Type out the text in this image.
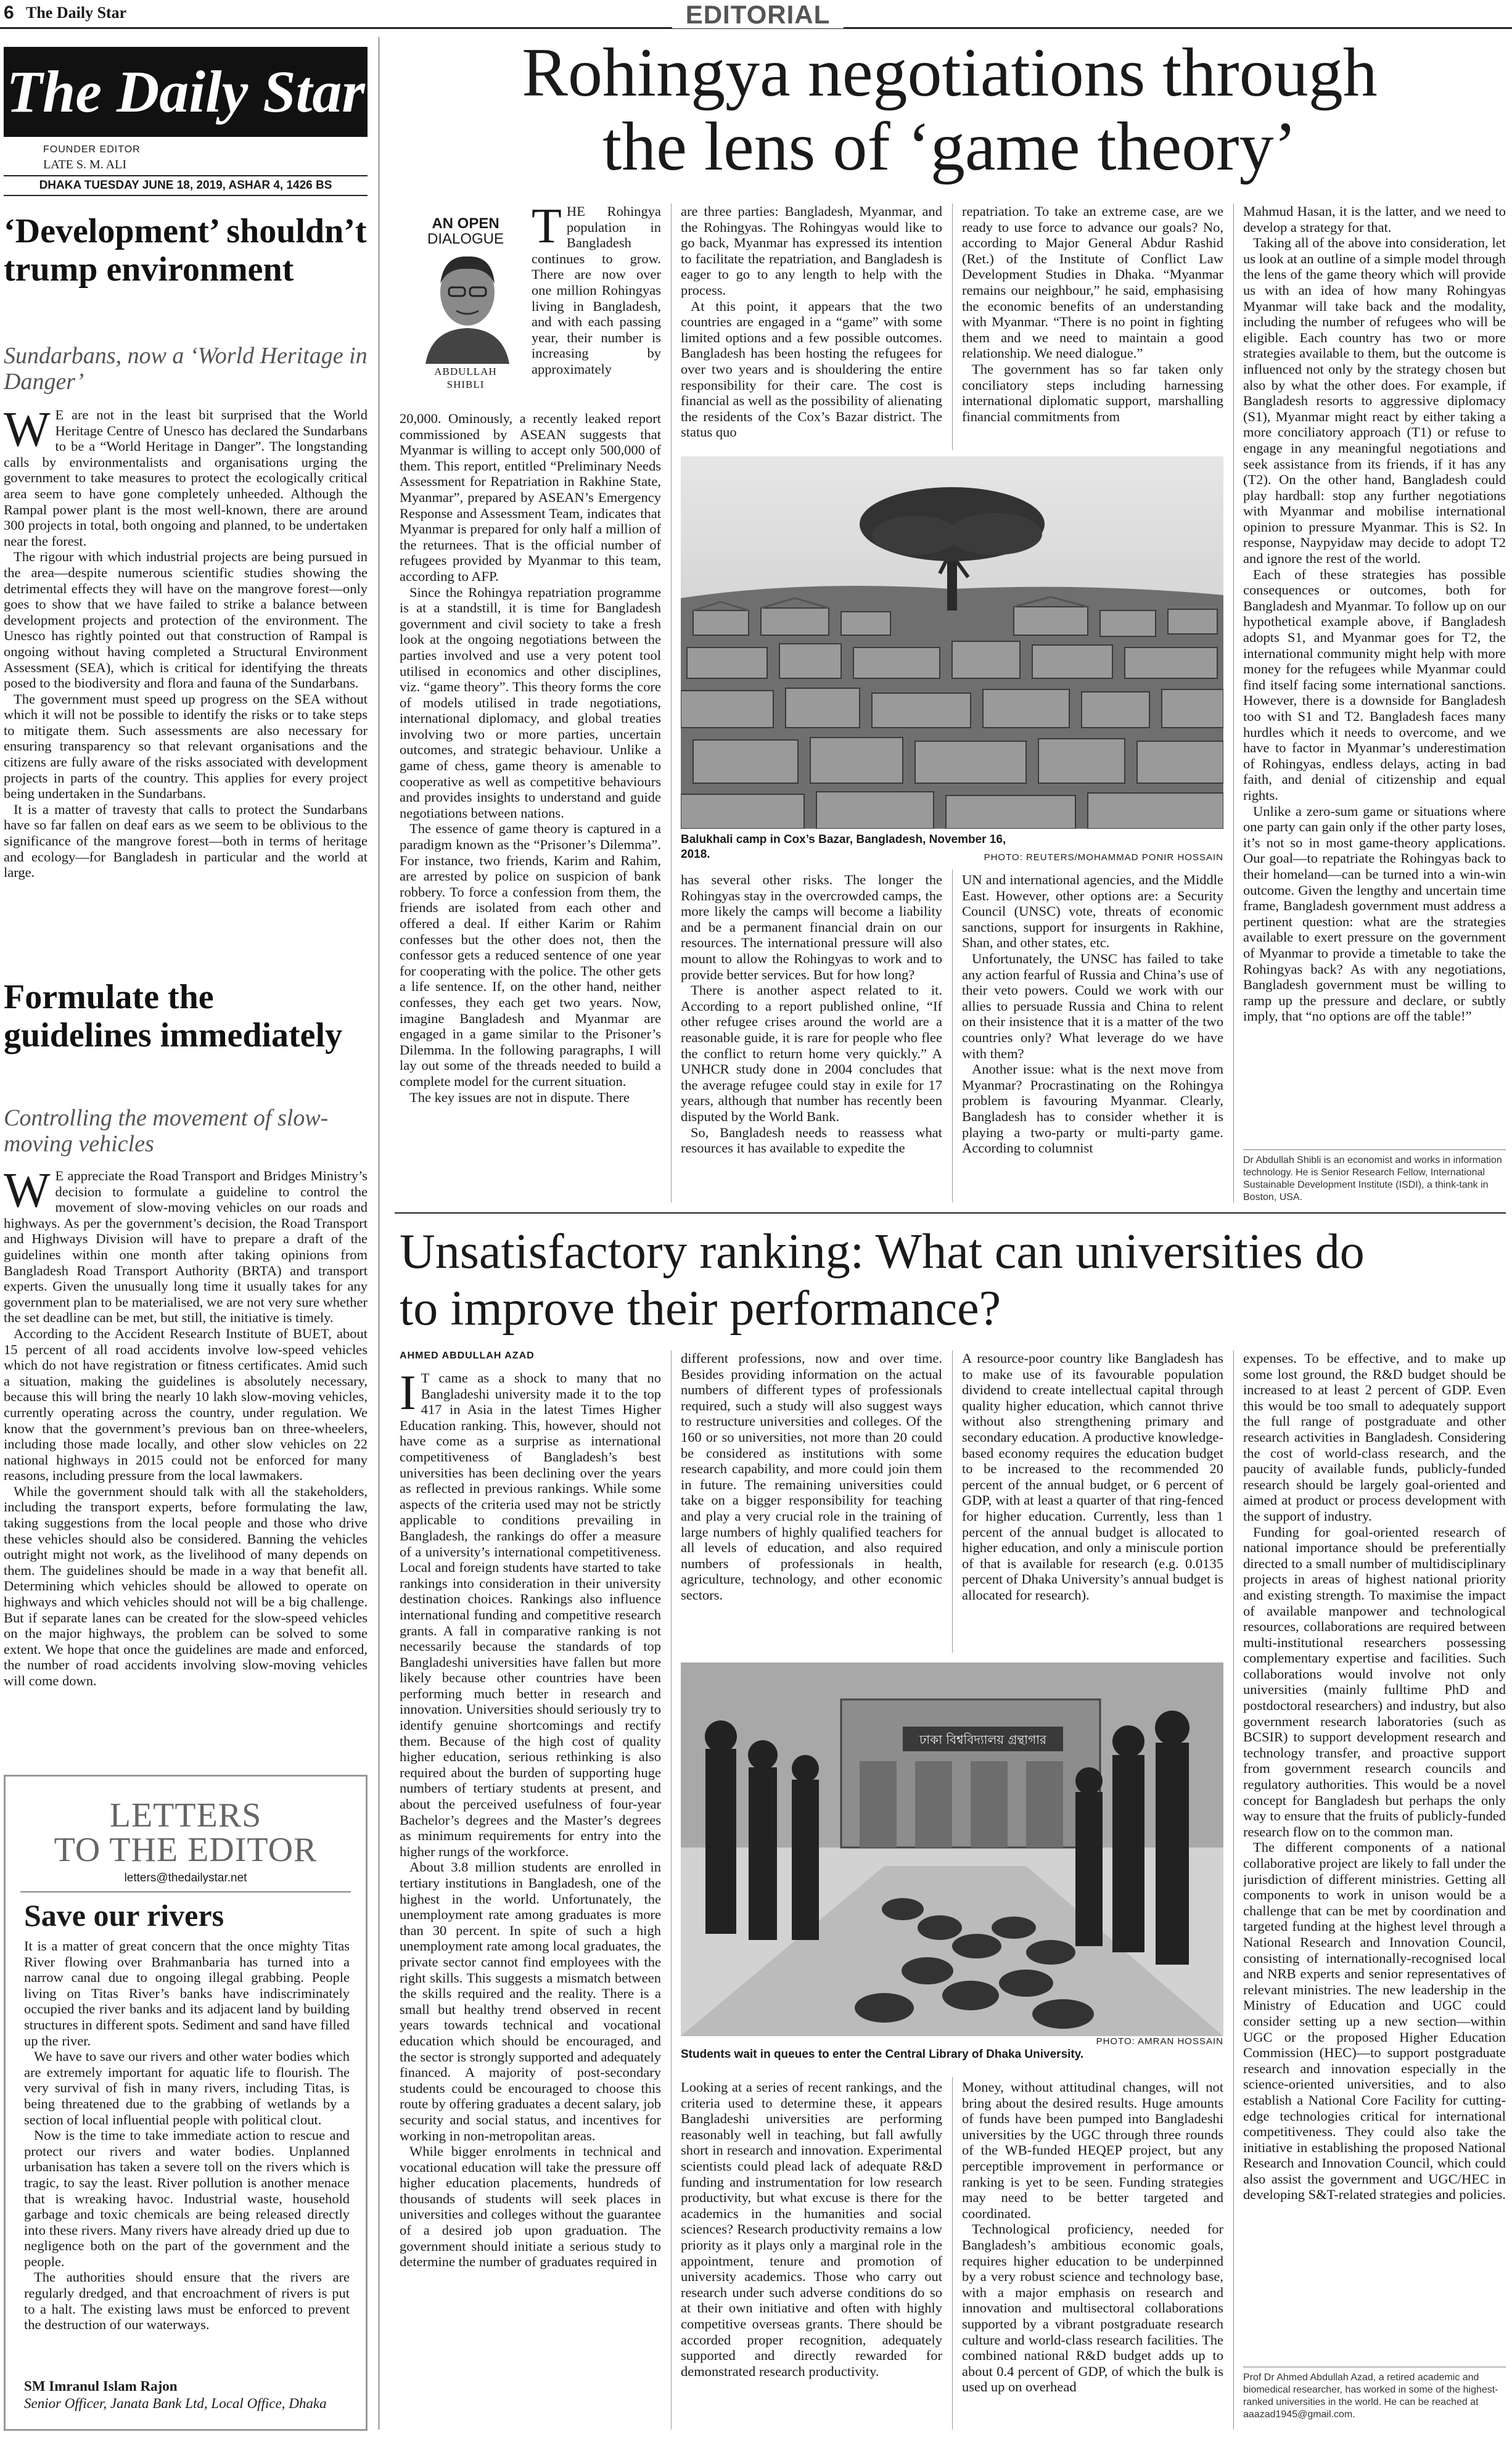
6 The Daily Star	EDITORIAL
The Daily Star
FOUNDER EDITOR
LATE S. M. ALI
DHAKA TUESDAY JUNE 18, 2019, ASHAR 4, 1426 BS
‘Development’ shouldn’t trump environment
Sundarbans, now a ‘World Heritage in Danger’
W E are not in the least bit surprised that the World Heritage Centre of Unesco has declared the Sundarbans to be a “World Heritage in Danger”. The longstanding calls by environmentalists and organisations urging the government to take measures to protect the ecologically critical area seem to have gone completely unheeded. Although the Rampal power plant is the most well-known, there are around 300 projects in total, both ongoing and planned, to be undertaken near the forest.

The rigour with which industrial projects are being pursued in the area—despite numerous scientific studies showing the detrimental effects they will have on the mangrove forest—only goes to show that we have failed to strike a balance between development projects and protection of the environment. The Unesco has rightly pointed out that construction of Rampal is ongoing without having completed a Structural Environment Assessment (SEA), which is critical for identifying the threats posed to the biodiversity and flora and fauna of the Sundarbans.

The government must speed up progress on the SEA without which it will not be possible to identify the risks or to take steps to mitigate them. Such assessments are also necessary for ensuring transparency so that relevant organisations and the citizens are fully aware of the risks associated with development projects in parts of the country. This applies for every project being undertaken in the Sundarbans.

It is a matter of travesty that calls to protect the Sundarbans have so far fallen on deaf ears as we seem to be oblivious to the significance of the mangrove forest—both in terms of heritage and ecology—for Bangladesh in particular and the world at large.

Formulate the guidelines immediately
Controlling the movement of slow-moving vehicles
W E appreciate the Road Transport and Bridges Ministry’s decision to formulate a guideline to control the movement of slow-moving vehicles on our roads and highways. As per the government’s decision, the Road Transport and Highways Division will have to prepare a draft of the guidelines within one month after taking opinions from Bangladesh Road Transport Authority (BRTA) and transport experts. Given the unusually long time it usually takes for any government plan to be materialised, we are not very sure whether the set deadline can be met, but still, the initiative is timely.

According to the Accident Research Institute of BUET, about 15 percent of all road accidents involve low-speed vehicles which do not have registration or fitness certificates. Amid such a situation, making the guidelines is absolutely necessary, because this will bring the nearly 10 lakh slow-moving vehicles, currently operating across the country, under regulation. We know that the government’s previous ban on three-wheelers, including those made locally, and other slow vehicles on 22 national highways in 2015 could not be enforced for many reasons, including pressure from the local lawmakers.

While the government should talk with all the stakeholders, including the transport experts, before formulating the law, taking suggestions from the local people and those who drive these vehicles should also be considered. Banning the vehicles outright might not work, as the livelihood of many depends on them. The guidelines should be made in a way that benefit all. Determining which vehicles should be allowed to operate on highways and which vehicles should not will be a big challenge. But if separate lanes can be created for the slow-speed vehicles on the major highways, the problem can be solved to some extent. We hope that once the guidelines are made and enforced, the number of road accidents involving slow-moving vehicles will come down.

LETTERS
TO THE EDITOR
letters@thedailystar.net
Save our rivers

It is a matter of great concern that the once mighty Titas River flowing over Brahmanbaria has turned into a narrow canal due to ongoing illegal grabbing. People living on Titas River’s banks have indiscriminately occupied the river banks and its adjacent land by building structures in different spots. Sediment and sand have filled up the river.

We have to save our rivers and other water bodies which are extremely important for aquatic life to flourish. The very survival of fish in many rivers, including Titas, is being threatened due to the grabbing of wetlands by a section of local influential people with political clout.

Now is the time to take immediate action to rescue and protect our rivers and water bodies. Unplanned urbanisation has taken a severe toll on the rivers which is tragic, to say the least. River pollution is another menace that is wreaking havoc. Industrial waste, household garbage and toxic chemicals are being released directly into these rivers. Many rivers have already dried up due to negligence both on the part of the government and the people.

The authorities should ensure that the rivers are regularly dredged, and that encroachment of rivers is put to a halt. The existing laws must be enforced to prevent the destruction of our waterways.

SM Imranul Islam Rajon
Senior Officer, Janata Bank Ltd, Local Office, Dhaka
Rohingya negotiations through
the lens of ‘game theory’
AN OPEN
DIALOGUE
ABDULLAH
SHIBLI
T HE Rohingya population in Bangladesh continues to grow. There are now over one million Rohingyas living in Bangladesh, and with each passing year, their number is increasing by approximately

20,000. Ominously, a recently leaked report commissioned by ASEAN suggests that Myanmar is willing to accept only 500,000 of them. This report, entitled “Preliminary Needs Assessment for Repatriation in Rakhine State, Myanmar”, prepared by ASEAN’s Emergency Response and Assessment Team, indicates that Myanmar is prepared for only half a million of the returnees. That is the official number of refugees provided by Myanmar to this team, according to AFP.

Since the Rohingya repatriation programme is at a standstill, it is time for Bangladesh government and civil society to take a fresh look at the ongoing negotiations between the parties involved and use a very potent tool utilised in economics and other disciplines, viz. “game theory”. This theory forms the core of models utilised in trade negotiations, international diplomacy, and global treaties involving two or more parties, uncertain outcomes, and strategic behaviour. Unlike a game of chess, game theory is amenable to cooperative as well as competitive behaviours and provides insights to understand and guide negotiations between nations.

The essence of game theory is captured in a paradigm known as the “Prisoner’s Dilemma”. For instance, two friends, Karim and Rahim, are arrested by police on suspicion of bank robbery. To force a confession from them, the friends are isolated from each other and offered a deal. If either Karim or Rahim confesses but the other does not, then the confessor gets a reduced sentence of one year for cooperating with the police. The other gets a life sentence. If, on the other hand, neither confesses, they each get two years. Now, imagine Bangladesh and Myanmar are engaged in a game similar to the Prisoner’s Dilemma. In the following paragraphs, I will lay out some of the threads needed to build a complete model for the current situation.

The key issues are not in dispute. There

are three parties: Bangladesh, Myanmar, and the Rohingyas. The Rohingyas would like to go back, Myanmar has expressed its intention to facilitate the repatriation, and Bangladesh is eager to go to any length to help with the process.

At this point, it appears that the two countries are engaged in a “game” with some limited options and a few possible outcomes. Bangladesh has been hosting the refugees for over two years and is shouldering the entire responsibility for their care. The cost is financial as well as the possibility of alienating the residents of the Cox’s Bazar district. The status quo

repatriation. To take an extreme case, are we ready to use force to advance our goals? No, according to Major General Abdur Rashid (Ret.) of the Institute of Conflict Law Development Studies in Dhaka. “Myanmar remains our neighbour,” he said, emphasising the economic benefits of an understanding with Myanmar. “There is no point in fighting them and we need to maintain a good relationship. We need dialogue.”

The government has so far taken only conciliatory steps including harnessing international diplomatic support, marshalling financial commitments from

Balukhali camp in Cox’s Bazar, Bangladesh, November 16, 2018.	PHOTO: REUTERS/MOHAMMAD PONIR HOSSAIN

has several other risks. The longer the Rohingyas stay in the overcrowded camps, the more likely the camps will become a liability and be a permanent financial drain on our resources. The international pressure will also mount to allow the Rohingyas to work and to provide better services. But for how long?

There is another aspect related to it. According to a report published online, “If other refugee crises around the world are a reasonable guide, it is rare for people who flee the conflict to return home very quickly.” A UNHCR study done in 2004 concludes that the average refugee could stay in exile for 17 years, although that number has recently been disputed by the World Bank.

So, Bangladesh needs to reassess what resources it has available to expedite the

UN and international agencies, and the Middle East. However, other options are: a Security Council (UNSC) vote, threats of economic sanctions, support for insurgents in Rakhine, Shan, and other states, etc.

Unfortunately, the UNSC has failed to take any action fearful of Russia and China’s use of their veto powers. Could we work with our allies to persuade Russia and China to relent on their insistence that it is a matter of the two countries only? What leverage do we have with them?

Another issue: what is the next move from Myanmar? Procrastinating on the Rohingya problem is favouring Myanmar. Clearly, Bangladesh has to consider whether it is playing a two-party or multi-party game. According to columnist

Mahmud Hasan, it is the latter, and we need to develop a strategy for that.

Taking all of the above into consideration, let us look at an outline of a simple model through the lens of the game theory which will provide us with an idea of how many Rohingyas Myanmar will take back and the modality, including the number of refugees who will be eligible. Each country has two or more strategies available to them, but the outcome is influenced not only by the strategy chosen but also by what the other does. For example, if Bangladesh resorts to aggressive diplomacy (S1), Myanmar might react by either taking a more conciliatory approach (T1) or refuse to engage in any meaningful negotiations and seek assistance from its friends, if it has any (T2). On the other hand, Bangladesh could play hardball: stop any further negotiations with Myanmar and mobilise international opinion to pressure Myanmar. This is S2. In response, Naypyidaw may decide to adopt T2 and ignore the rest of the world.

Each of these strategies has possible consequences or outcomes, both for Bangladesh and Myanmar. To follow up on our hypothetical example above, if Bangladesh adopts S1, and Myanmar goes for T2, the international community might help with more money for the refugees while Myanmar could find itself facing some international sanctions. However, there is a downside for Bangladesh too with S1 and T2. Bangladesh faces many hurdles which it needs to overcome, and we have to factor in Myanmar’s underestimation of Rohingyas, endless delays, acting in bad faith, and denial of citizenship and equal rights.

Unlike a zero-sum game or situations where one party can gain only if the other party loses, it’s not so in most game-theory applications. Our goal—to repatriate the Rohingyas back to their homeland—can be turned into a win-win outcome. Given the lengthy and uncertain time frame, Bangladesh government must address a pertinent question: what are the strategies available to exert pressure on the government of Myanmar to provide a timetable to take the Rohingyas back? As with any negotiations, Bangladesh government must be willing to ramp up the pressure and declare, or subtly imply, that “no options are off the table!”

Dr Abdullah Shibli is an economist and works in information technology. He is Senior Research Fellow, International Sustainable Development Institute (ISDI), a think-tank in Boston, USA.
Unsatisfactory ranking: What can universities do
to improve their performance?
AHMED ABDULLAH AZAD
I T came as a shock to many that no Bangladeshi university made it to the top 417 in Asia in the latest Times Higher Education ranking. This, however, should not have come as a surprise as international competitiveness of Bangladesh’s best universities has been declining over the years as reflected in previous rankings. While some aspects of the criteria used may not be strictly applicable to conditions prevailing in Bangladesh, the rankings do offer a measure of a university’s international competitiveness. Local and foreign students have started to take rankings into consideration in their university destination choices. Rankings also influence international funding and competitive research grants. A fall in comparative ranking is not necessarily because the standards of top Bangladeshi universities have fallen but more likely because other countries have been performing much better in research and innovation. Universities should seriously try to identify genuine shortcomings and rectify them. Because of the high cost of quality higher education, serious rethinking is also required about the burden of supporting huge numbers of tertiary students at present, and about the perceived usefulness of four-year Bachelor’s degrees and the Master’s degrees as minimum requirements for entry into the higher rungs of the workforce.

About 3.8 million students are enrolled in tertiary institutions in Bangladesh, one of the highest in the world. Unfortunately, the unemployment rate among graduates is more than 30 percent. In spite of such a high unemployment rate among local graduates, the private sector cannot find employees with the right skills. This suggests a mismatch between the skills required and the reality. There is a small but healthy trend observed in recent years towards technical and vocational education which should be encouraged, and the sector is strongly supported and adequately financed. A majority of post-secondary students could be encouraged to choose this route by offering graduates a decent salary, job security and social status, and incentives for working in non-metropolitan areas.

While bigger enrolments in technical and vocational education will take the pressure off higher education placements, hundreds of thousands of students will seek places in universities and colleges without the guarantee of a desired job upon graduation. The government should initiate a serious study to determine the number of graduates required in

different professions, now and over time. Besides providing information on the actual numbers of different types of professionals required, such a study will also suggest ways to restructure universities and colleges. Of the 160 or so universities, not more than 20 could be considered as institutions with some research capability, and more could join them in future. The remaining universities could take on a bigger responsibility for teaching and play a very crucial role in the training of large numbers of highly qualified teachers for all levels of education, and also required numbers of professionals in health, agriculture, technology, and other economic sectors.

A resource-poor country like Bangladesh has to make use of its favourable population dividend to create intellectual capital through quality higher education, which cannot thrive without also strengthening primary and secondary education. A productive knowledge-based economy requires the education budget to be increased to the recommended 20 percent of the annual budget, or 6 percent of GDP, with at least a quarter of that ring-fenced for higher education. Currently, less than 1 percent of the annual budget is allocated to higher education, and only a miniscule portion of that is available for research (e.g. 0.0135 percent of Dhaka University’s annual budget is allocated for research).

ঢাকা বিশ্ববিদ্যালয় গ্রন্থাগার
PHOTO: AMRAN HOSSAIN
Students wait in queues to enter the Central Library of Dhaka University.

Looking at a series of recent rankings, and the criteria used to determine these, it appears Bangladeshi universities are performing reasonably well in teaching, but fall awfully short in research and innovation. Experimental scientists could plead lack of adequate R&D funding and instrumentation for low research productivity, but what excuse is there for the academics in the humanities and social sciences? Research productivity remains a low priority as it plays only a marginal role in the appointment, tenure and promotion of university academics. Those who carry out research under such adverse conditions do so at their own initiative and often with highly competitive overseas grants. There should be accorded proper recognition, adequately supported and directly rewarded for demonstrated research productivity.

Money, without attitudinal changes, will not bring about the desired results. Huge amounts of funds have been pumped into Bangladeshi universities by the UGC through three rounds of the WB-funded HEQEP project, but any perceptible improvement in performance or ranking is yet to be seen. Funding strategies may need to be better targeted and coordinated.

Technological proficiency, needed for Bangladesh’s ambitious economic goals, requires higher education to be underpinned by a very robust science and technology base, with a major emphasis on research and innovation and multisectoral collaborations supported by a vibrant postgraduate research culture and world-class research facilities. The combined national R&D budget adds up to about 0.4 percent of GDP, of which the bulk is used up on overhead

expenses. To be effective, and to make up some lost ground, the R&D budget should be increased to at least 2 percent of GDP. Even this would be too small to adequately support the full range of postgraduate and other research activities in Bangladesh. Considering the cost of world-class research, and the paucity of available funds, publicly-funded research should be largely goal-oriented and aimed at product or process development with the support of industry.

Funding for goal-oriented research of national importance should be preferentially directed to a small number of multidisciplinary projects in areas of highest national priority and existing strength. To maximise the impact of available manpower and technological resources, collaborations are required between multi-institutional researchers possessing complementary expertise and facilities. Such collaborations would involve not only universities (mainly fulltime PhD and postdoctoral researchers) and industry, but also government research laboratories (such as BCSIR) to support development research and technology transfer, and proactive support from government research councils and regulatory authorities. This would be a novel concept for Bangladesh but perhaps the only way to ensure that the fruits of publicly-funded research flow on to the common man.

The different components of a national collaborative project are likely to fall under the jurisdiction of different ministries. Getting all components to work in unison would be a challenge that can be met by coordination and targeted funding at the highest level through a National Research and Innovation Council, consisting of internationally-recognised local and NRB experts and senior representatives of relevant ministries. The new leadership in the Ministry of Education and UGC could consider setting up a new section—within UGC or the proposed Higher Education Commission (HEC)—to support postgraduate research and innovation especially in the science-oriented universities, and to also establish a National Core Facility for cutting-edge technologies critical for international competitiveness. They could also take the initiative in establishing the proposed National Research and Innovation Council, which could also assist the government and UGC/HEC in developing S&T-related strategies and policies.

Prof Dr Ahmed Abdullah Azad, a retired academic and biomedical researcher, has worked in some of the highest-ranked universities in the world. He can be reached at aaazad1945@gmail.com.
